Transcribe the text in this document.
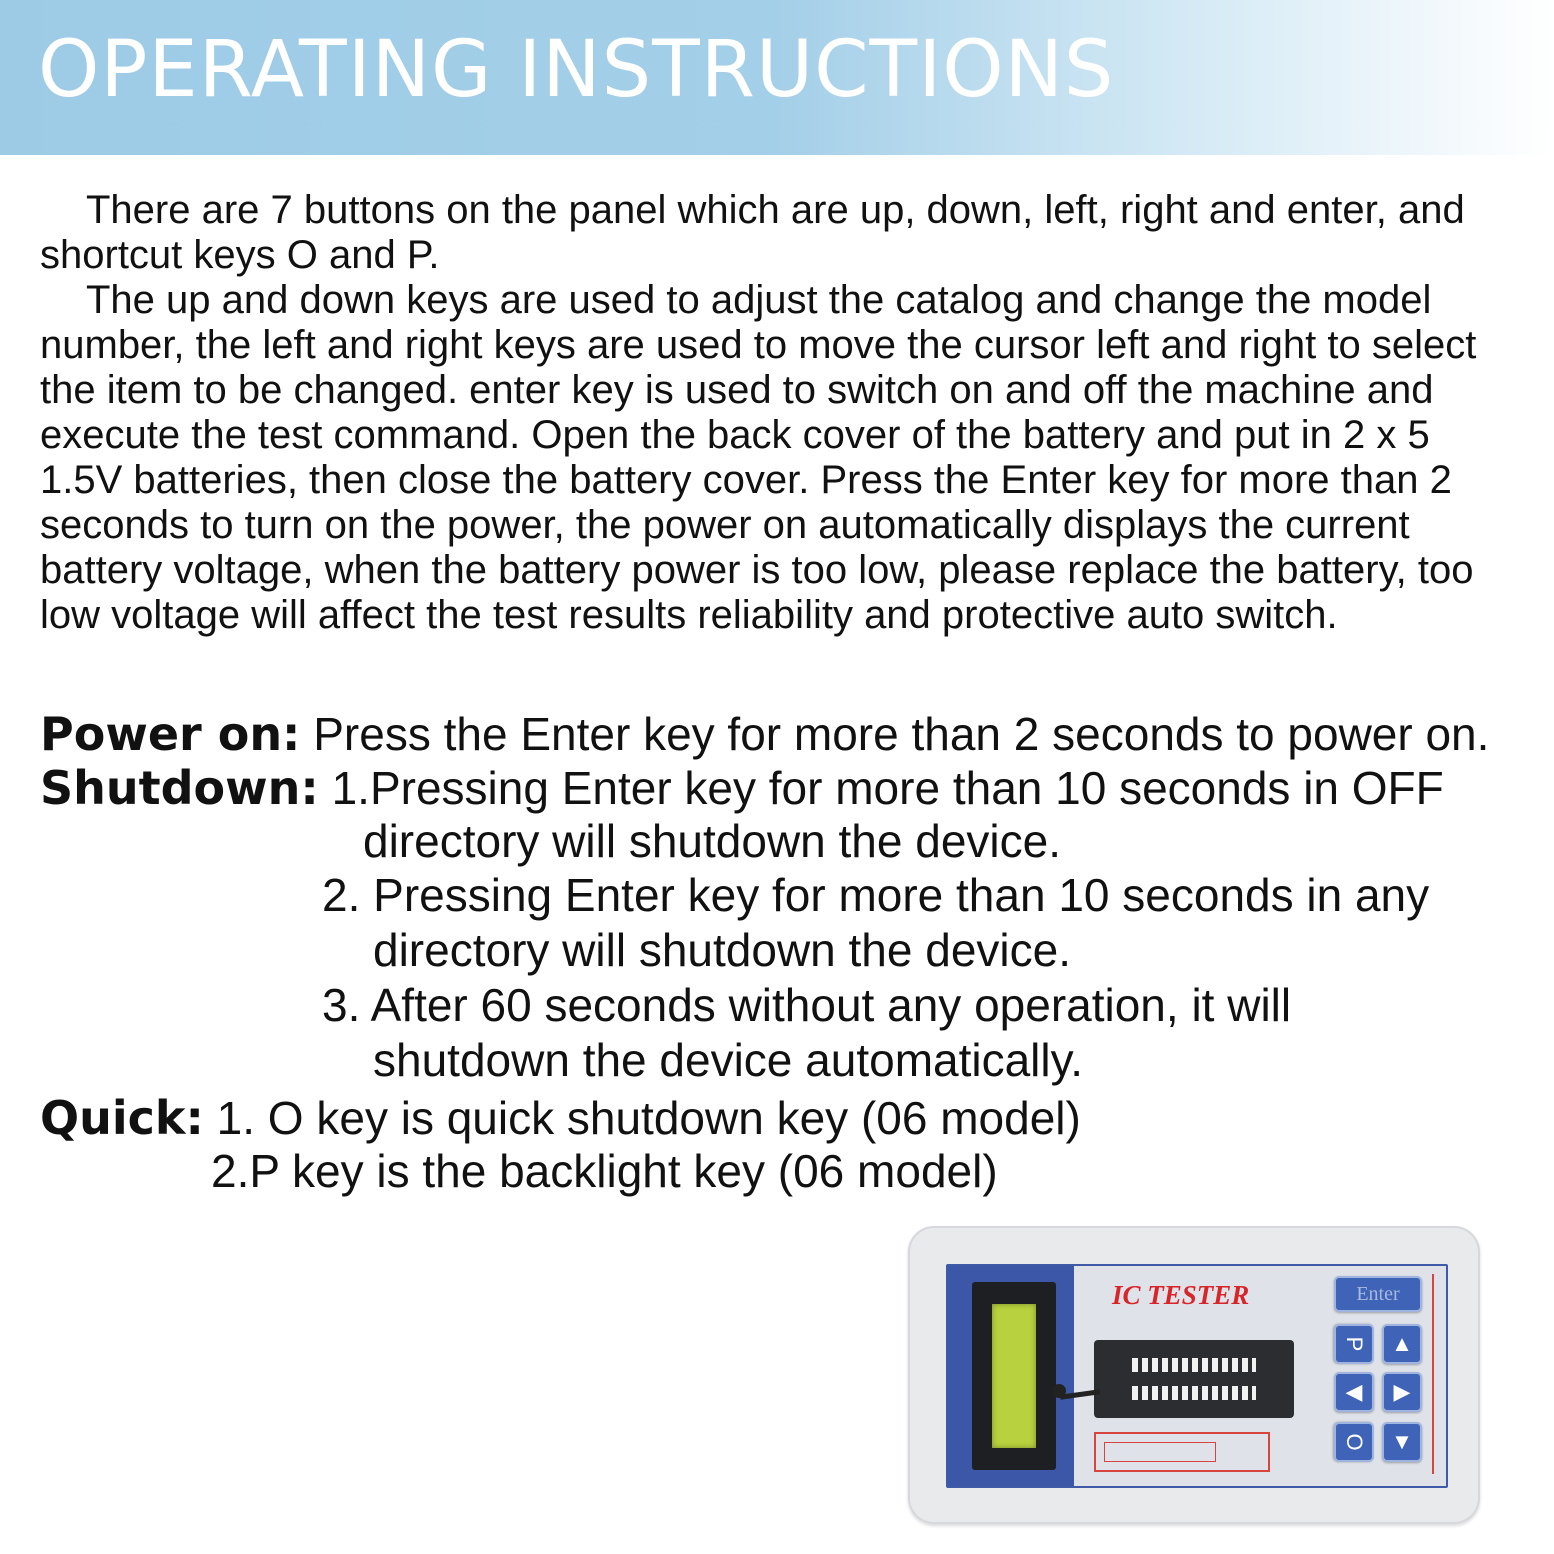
OPERATING INSTRUCTIONS

There are 7 buttons on the panel which are up, down, left, right and enter, and shortcut keys O and P.

The up and down keys are used to adjust the catalog and change the model number, the left and right keys are used to move the cursor left and right to select the item to be changed. enter key is used to switch on and off the machine and execute the test command. Open the back cover of the battery and put in 2 x 5 1.5V batteries, then close the battery cover. Press the Enter key for more than 2 seconds to turn on the power, the power on automatically displays the current battery voltage, when the battery power is too low, please replace the battery, too low voltage will affect the test results reliability and protective auto switch.

Power on: Press the Enter key for more than 2 seconds to power on.
Shutdown: 1.Pressing Enter key for more than 10 seconds in OFF
directory will shutdown the device.
2. Pressing Enter key for more than 10 seconds in any
directory will shutdown the device.
3. After 60 seconds without any operation, it will
shutdown the device automatically.
Quick: 1. O key is quick shutdown key (06 model)
2.P key is the backlight key (06 model)
IC TESTER	Enter
P	▲
◀	▶
O	▼
